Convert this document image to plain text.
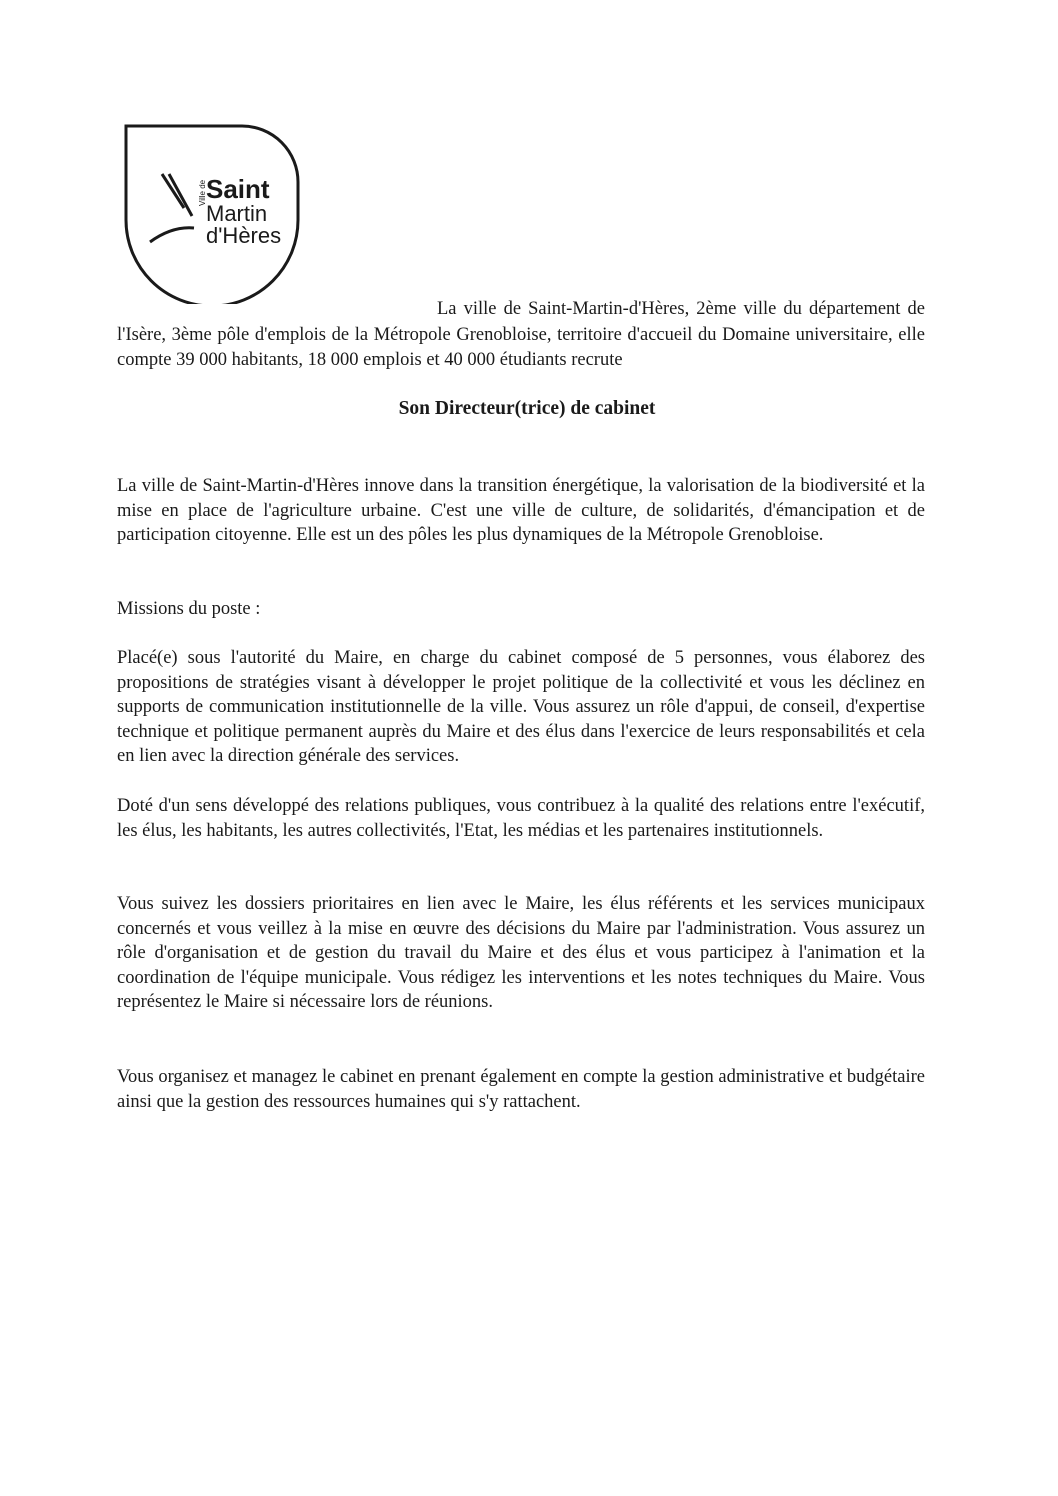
Ville de Saint
Martin
d'Hères
La ville de Saint-Martin-d'Hères, 2ème ville du département de l'Isère, 3ème pôle d'emplois de la Métropole Grenobloise, territoire d'accueil du Domaine universitaire, elle compte 39 000 habitants, 18 000 emplois et 40 000 étudiants recrute
Son Directeur(trice) de cabinet

La ville de Saint-Martin-d'Hères innove dans la transition énergétique, la valorisation de la biodiversité et la mise en place de l'agriculture urbaine. C'est une ville de culture, de solidarités, d'émancipation et de participation citoyenne. Elle est un des pôles les plus dynamiques de la Métropole Grenobloise.

Missions du poste :

Placé(e) sous l'autorité du Maire, en charge du cabinet composé de 5 personnes, vous élaborez des propositions de stratégies visant à développer le projet politique de la collectivité et vous les déclinez en supports de communication institutionnelle de la ville. Vous assurez un rôle d'appui, de conseil, d'expertise technique et politique permanent auprès du Maire et des élus dans l'exercice de leurs responsabilités et cela en lien avec la direction générale des services.

Doté d'un sens développé des relations publiques, vous contribuez à la qualité des relations entre l'exécutif, les élus, les habitants, les autres collectivités, l'Etat, les médias et les partenaires institutionnels.

Vous suivez les dossiers prioritaires en lien avec le Maire, les élus référents et les services municipaux concernés et vous veillez à la mise en œuvre des décisions du Maire par l'administration. Vous assurez un rôle d'organisation et de gestion du travail du Maire et des élus et vous participez à l'animation et la coordination de l'équipe municipale. Vous rédigez les interventions et les notes techniques du Maire. Vous représentez le Maire si nécessaire lors de réunions.

Vous organisez et managez le cabinet en prenant également en compte la gestion administrative et budgétaire ainsi que la gestion des ressources humaines qui s'y rattachent.
